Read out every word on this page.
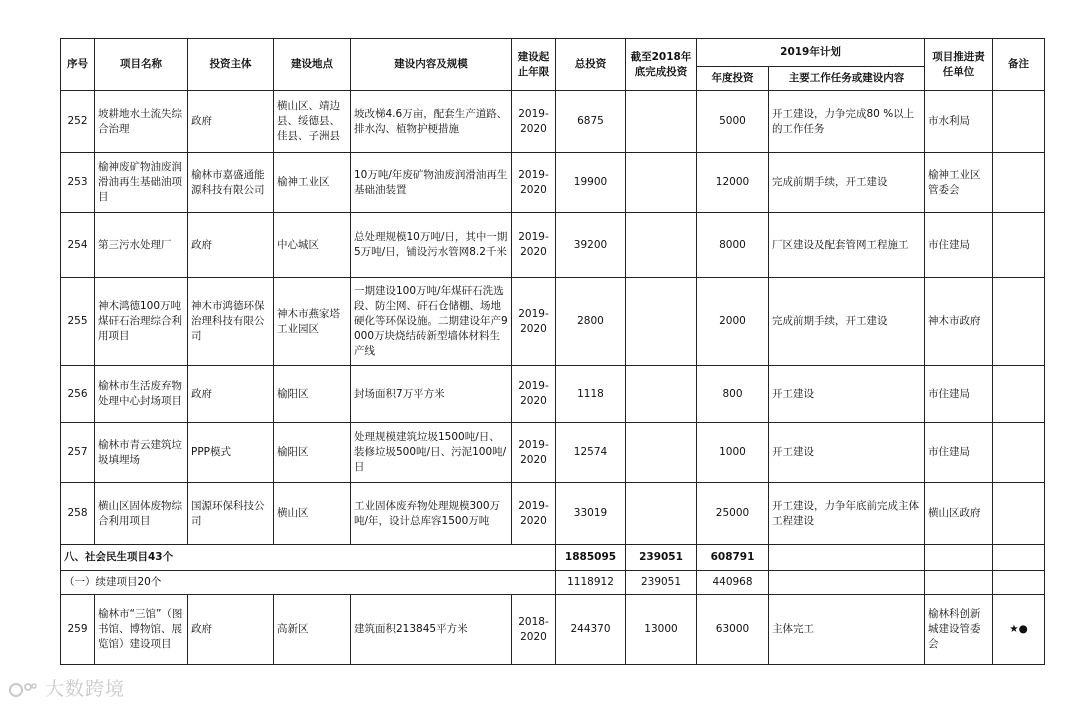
序号	项目名称	投资主体	建设地点	建设内容及规模	建设起止年限	总投资	截至2018年底完成投资	2019年计划		项目推进责任单位	备注
								年度投资	主要工作任务或建设内容		
252	坡耕地水土流失综合治理	政府	横山区、靖边县、绥德县、佳县、子洲县	坡改梯4.6万亩，配套生产道路、排水沟、植物护梗措施	2019-2020	6875		5000	开工建设，力争完成80 %以上的工作任务	市水利局	
253	榆神废矿物油废润滑油再生基础油项目	榆林市嘉盛通能源科技有限公司	榆神工业区	10万吨/年废矿物油废润滑油再生基础油装置	2019-2020	19900		12000	完成前期手续，开工建设	榆神工业区管委会	
254	第三污水处理厂	政府	中心城区	总处理规模10万吨/日，其中一期5万吨/日，铺设污水管网8.2千米	2019-2020	39200		8000	厂区建设及配套管网工程施工	市住建局	
255	神木鸿德100万吨煤矸石治理综合利用项目	神木市鸿德环保治理科技有限公司	神木市燕家塔工业园区	一期建设100万吨/年煤矸石洗选段、防尘网、矸石仓储棚、场地硬化等环保设施。二期建设年产9000万块烧结砖新型墙体材料生产线	2019-2020	2800		2000	完成前期手续，开工建设	神木市政府	
256	榆林市生活废弃物处理中心封场项目	政府	榆阳区	封场面积7万平方米	2019-2020	1118		800	开工建设	市住建局	
257	榆林市青云建筑垃圾填埋场	PPP模式	榆阳区	处理规模建筑垃圾1500吨/日、装修垃圾500吨/日、污泥100吨/日	2019-2020	12574		1000	开工建设	市住建局	
258	横山区固体废物综合利用项目	国源环保科技公司	横山区	工业固体废弃物处理规模300万吨/年，设计总库容1500万吨	2019-2020	33019		25000	开工建设，力争年底前完成主体工程建设	横山区政府	
八、社会民生项目43个						1885095	239051	608791			
（一）续建项目20个						1118912	239051	440968			
259	榆林市“三馆”（图书馆、博物馆、展览馆）建设项目	政府	高新区	建筑面积213845平方米	2018-2020	244370	13000	63000	主体完工	榆林科创新城建设管委会	★●
大数跨境
